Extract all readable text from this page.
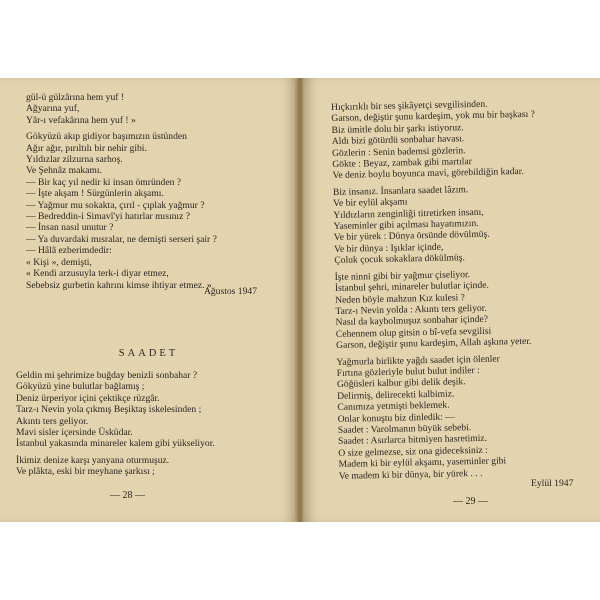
gül-ü gülzârına hem yuf !
Ağyarına yuf,
Yâr-ı vefakârına hem yuf ! »
Gökyüzü akıp gidiyor başımızın üstünden
Ağır ağır, pırıltılı bir nehir gibi.
Yıldızlar zilzurna sarhoş.
Ve Şehnâz makamı.
— Bir kaç yıl nedir ki insan ömründen ?
— İşte akşam ! Sürgünlerin akşamı.
— Yağmur mu sokakta, çırıl - çıplak yağmur ?
— Bedreddin-i Simavî'yi hatırlar mısınız ?
— İnsan nasıl unutur ?
— Ya duvardaki mısralar, ne demişti serseri şair ?
— Hâlâ ezberimdedir:
« Kişi », demişti,
« Kendi arzusuyla terk-i diyar etmez,
Sebebsiz gurbetin kahrını kimse ihtiyar etmez. »
Ağustos 1947
SAADET
Geldin mi şehrimize buğday benizli sonbahar ?
Gökyüzü yine bulutlar bağlamış ;
Deniz ürperiyor içini çektikçe rüzgâr.
Tarz-ı Nevin yola çıkmış Beşiktaş iskelesinden ;
Akıntı ters geliyor.
Mavi sisler içersinde Üsküdar.
İstanbul yakasında minareler kalem gibi yükseliyor.
İkimiz denize karşı yanyana oturmuşuz.
Ve plâkta, eski bir meyhane şarkısı ;
— 28 —
Hıçkırıklı bir ses şikâyetçi sevgilisinden.
Garson, değiştir şunu kardeşim, yok mu bir başkası ?
Biz ümitle dolu bir şarkı istiyoruz.
Aldı bizi götürdü sonbahar havası.
Gözlerin : Senin bademsi gözlerin.
Gökte : Beyaz, zambak gibi martılar
Ve deniz boylu boyunca mavi, görebildiğin kadar.
Biz insanız. İnsanlara saadet lâzım.
Ve bir eylül akşamı
Yıldızların zenginliği titretirken insanı,
Yaseminler gibi açılması hayatımızın.
Ve bir yürek : Dünya örsünde dövülmüş.
Ve bir dünya : Işıklar içinde,
Çoluk çocuk sokaklara dökülmüş.
İşte ninni gibi bir yağmur çiseliyor.
İstanbul şehri, minareler bulutlar içinde.
Neden böyle mahzun Kız kulesi ?
Tarz-ı Nevin yolda : Akıntı ters geliyor.
Nasıl da kaybolmuşuz sonbahar içinde?
Cehennem olup gitsin o bî-vefa sevgilisi
Garson, değiştir şunu kardeşim, Allah aşkına yeter.
Yağmurla birlikte yağdı saadet için ölenler
Fırtına gözleriyle bulut bulut indiler :
Göğüsleri kalbur gibi delik deşik.
Delirmiş, delirecekti kalbimiz.
Canımıza yetmişti beklemek.
Onlar konuştu biz dinledik: —
Saadet : Varolmanın büyük sebebi.
Saadet : Asırlarca bitmiyen hasretimiz.
O size gelmezse, siz ona gideceksiniz :
Madem ki bir eylül akşamı, yaseminler gibi
Ve madem ki bir dünya, bir yürek . . .
Eylül 1947
— 29 —
